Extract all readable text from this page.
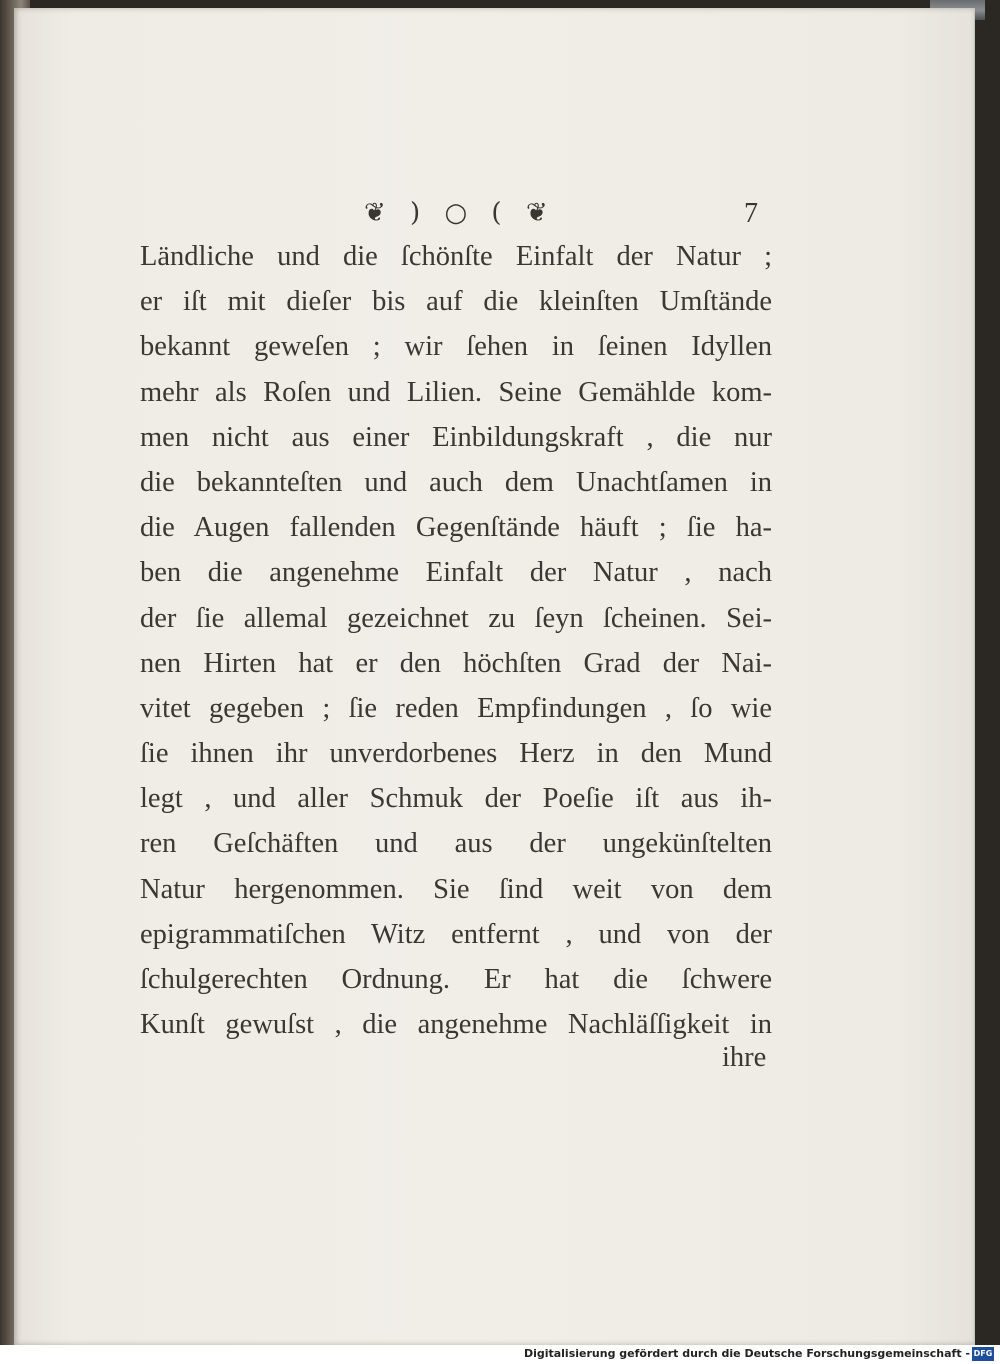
❦ ) ○ ( ❦	7
Ländliche und die ſchönſte Einfalt der Natur ;
er iſt mit dieſer bis auf die kleinſten Umſtände
bekannt geweſen ; wir ſehen in ſeinen Idyllen
mehr als Roſen und Lilien. Seine Gemählde kom-
men nicht aus einer Einbildungskraft , die nur
die bekannteſten und auch dem Unachtſamen in
die Augen fallenden Gegenſtände häuft ; ſie ha-
ben die angenehme Einfalt der Natur , nach
der ſie allemal gezeichnet zu ſeyn ſcheinen. Sei-
nen Hirten hat er den höchſten Grad der Nai-
vitet gegeben ; ſie reden Empfindungen , ſo wie
ſie ihnen ihr unverdorbenes Herz in den Mund
legt , und aller Schmuk der Poeſie iſt aus ih-
ren Geſchäften und aus der ungekünſtelten
Natur hergenommen. Sie ſind weit von dem
epigrammatiſchen Witz entfernt , und von der
ſchulgerechten Ordnung. Er hat die ſchwere
Kunſt gewuſst , die angenehme Nachläſſigkeit in
ihre
Digitalisierung gefördert durch die Deutsche Forschungsgemeinschaft - DFG
